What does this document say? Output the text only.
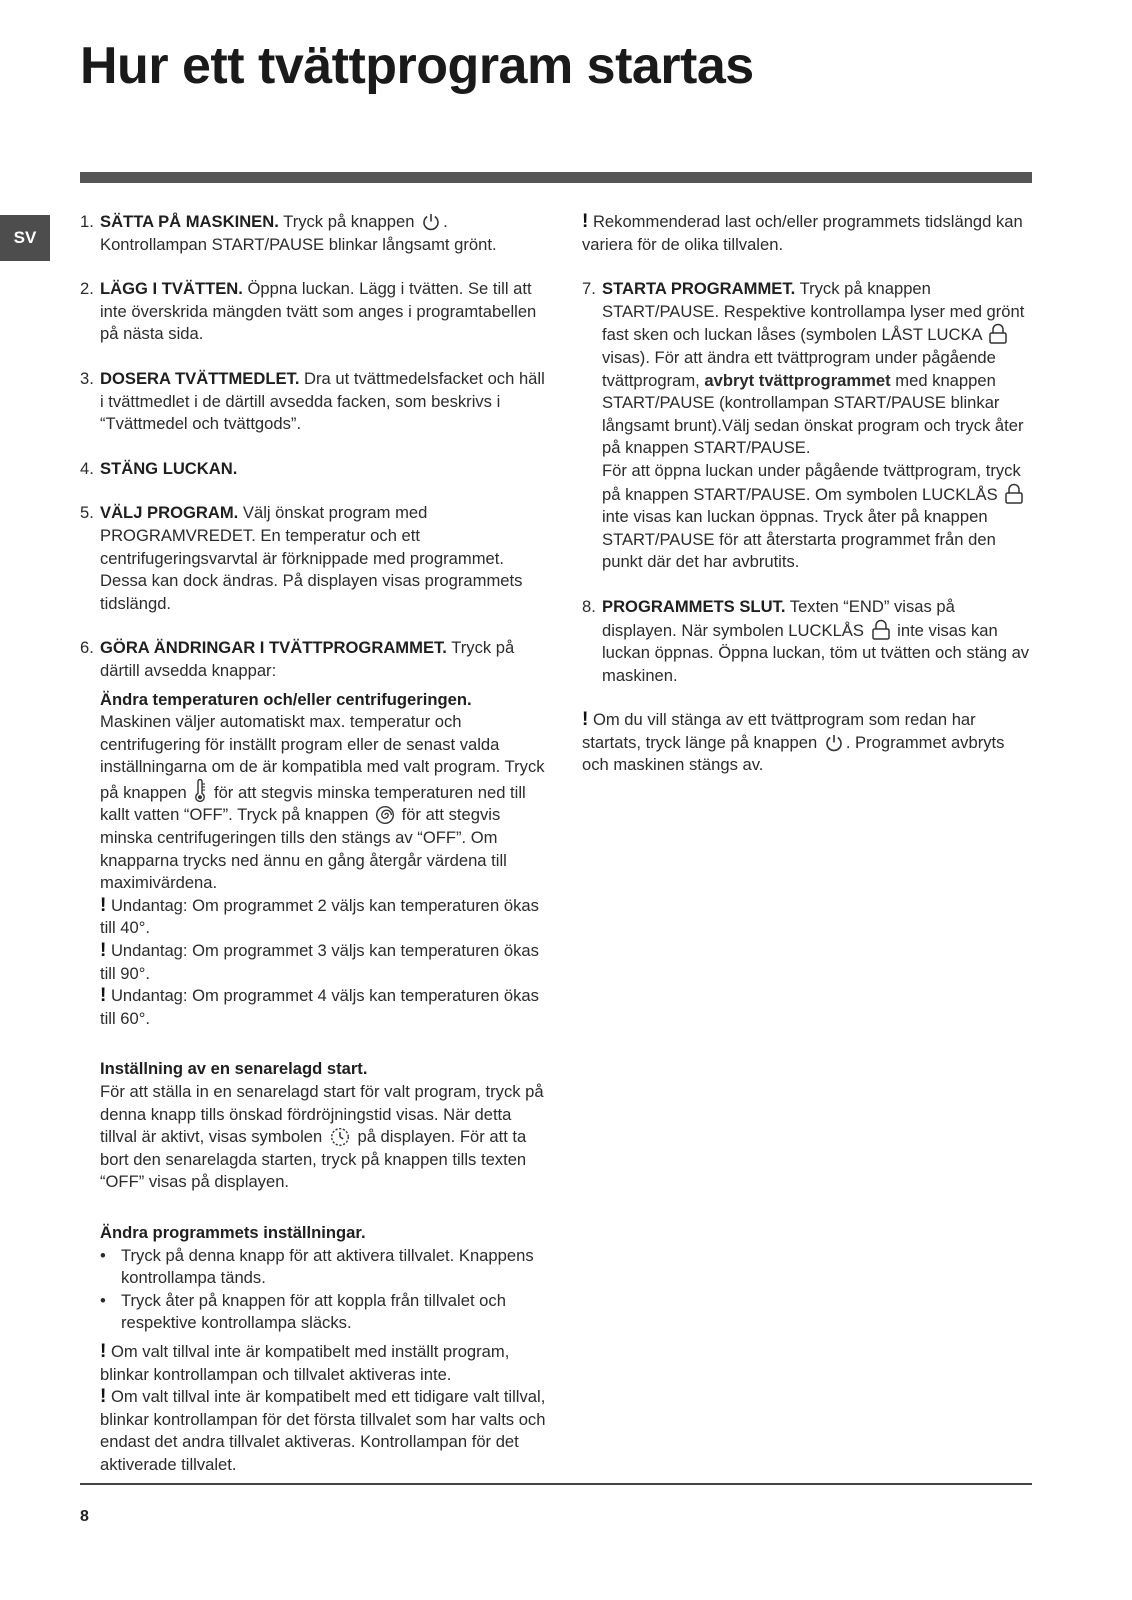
Hur ett tvättprogram startas
SV
1. SÄTTA PÅ MASKINEN. Tryck på knappen
.
Kontrollampan START/PAUSE blinkar långsamt grönt.
2. LÄGG I TVÄTTEN. Öppna luckan. Lägg i tvätten. Se till att inte överskrida mängden tvätt som anges i programtabellen på nästa sida.
3. DOSERA TVÄTTMEDLET. Dra ut tvättmedelsfacket och häll i tvättmedlet i de därtill avsedda facken, som beskrivs i “Tvättmedel och tvättgods”.
4. STÄNG LUCKAN.
5. VÄLJ PROGRAM. Välj önskat program med PROGRAMVREDET. En temperatur och ett centrifugeringsvarvtal är förknippade med programmet. Dessa kan dock ändras. På displayen visas programmets tidslängd.
6. GÖRA ÄNDRINGAR I TVÄTTPROGRAMMET. Tryck på därtill avsedda knappar:
Ändra temperaturen och/eller centrifugeringen.
Maskinen väljer automatiskt max. temperatur och centrifugering för inställt program eller de senast valda inställningarna om de är kompatibla med valt program. Tryck på knappen
för att stegvis minska temperaturen ned till kallt vatten “OFF”. Tryck på knappen
för att stegvis minska centrifugeringen tills den stängs av “OFF”. Om knapparna trycks ned ännu en gång återgår värdena till maximivärdena.
! Undantag: Om programmet 2 väljs kan temperaturen ökas till 40°.
! Undantag: Om programmet 3 väljs kan temperaturen ökas till 90°.
! Undantag: Om programmet 4 väljs kan temperaturen ökas till 60°.
Inställning av en senarelagd start.
För att ställa in en senarelagd start för valt program, tryck på denna knapp tills önskad fördröjningstid visas. När detta tillval är aktivt, visas symbolen
på displayen. För att ta bort den senarelagda starten, tryck på knappen tills texten “OFF” visas på displayen.
Ändra programmets inställningar.
• Tryck på denna knapp för att aktivera tillvalet. Knappens kontrollampa tänds.
• Tryck åter på knappen för att koppla från tillvalet och respektive kontrollampa släcks.
! Om valt tillval inte är kompatibelt med inställt program, blinkar kontrollampan och tillvalet aktiveras inte.
! Om valt tillval inte är kompatibelt med ett tidigare valt tillval, blinkar kontrollampan för det första tillvalet som har valts och endast det andra tillvalet aktiveras. Kontrollampan för det aktiverade tillvalet.
! Rekommenderad last och/eller programmets tidslängd kan variera för de olika tillvalen.
7. STARTA PROGRAMMET. Tryck på knappen START/PAUSE. Respektive kontrollampa lyser med grönt fast sken och luckan låses (symbolen LÅST LUCKA
visas). För att ändra ett tvättprogram under pågående tvättprogram, avbryt tvättprogrammet med knappen START/PAUSE (kontrollampan START/PAUSE blinkar långsamt brunt).Välj sedan önskat program och tryck åter på knappen START/PAUSE.
För att öppna luckan under pågående tvättprogram, tryck på knappen START/PAUSE. Om symbolen LUCKLÅS
inte visas kan luckan öppnas. Tryck åter på knappen START/PAUSE för att återstarta programmet från den punkt där det har avbrutits.
8. PROGRAMMETS SLUT. Texten “END” visas på displayen. När symbolen LUCKLÅS
inte visas kan luckan öppnas. Öppna luckan, töm ut tvätten och stäng av maskinen.
! Om du vill stänga av ett tvättprogram som redan har startats, tryck länge på knappen
. Programmet avbryts och maskinen stängs av.
8
